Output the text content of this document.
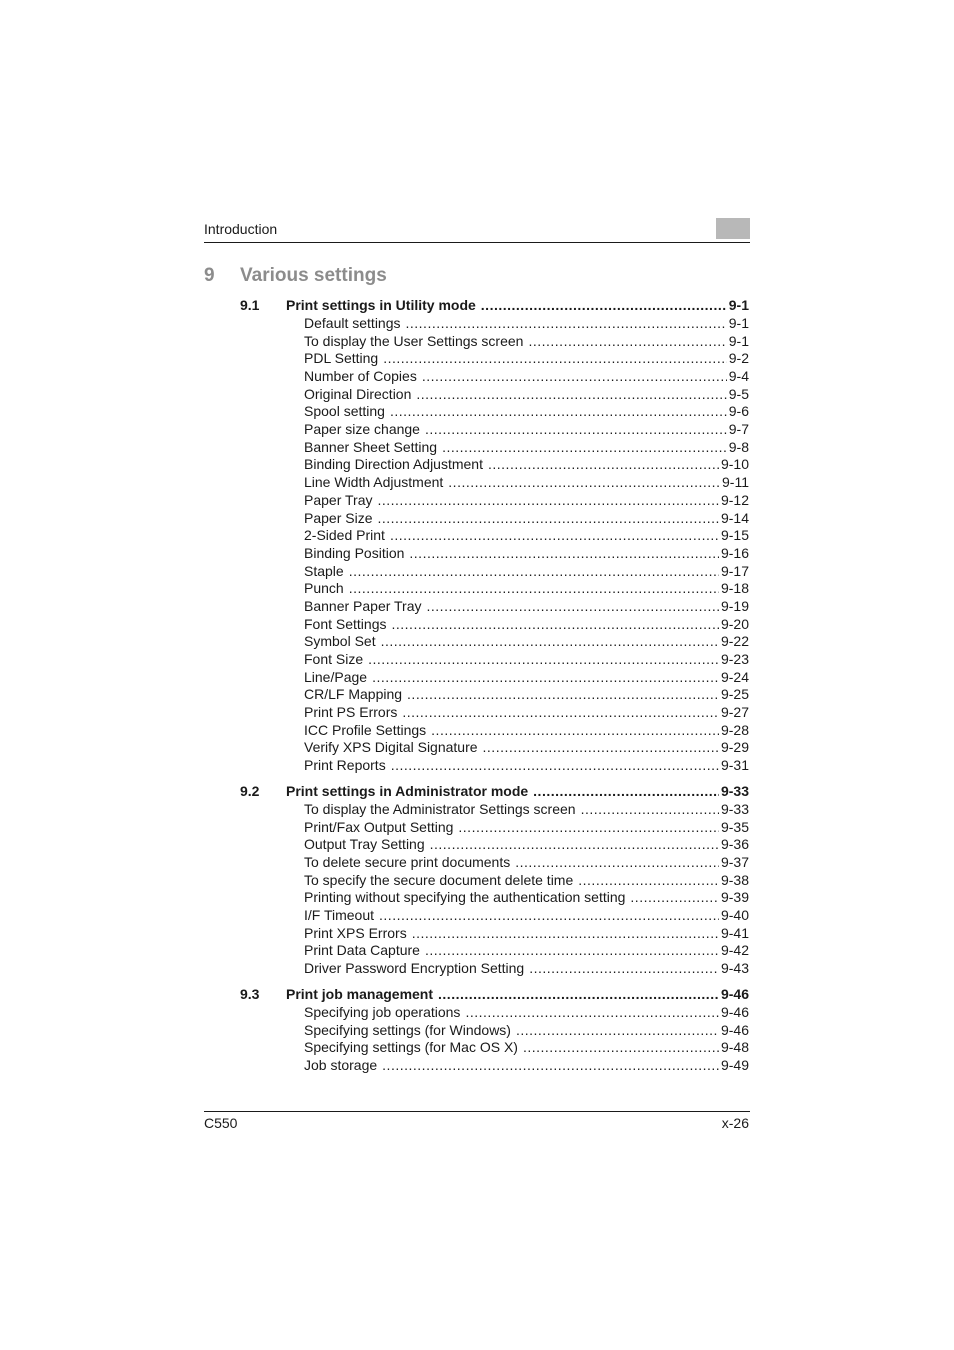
Introduction
9 Various settings
9.1	Print settings in Utility mode .....	9-1
Default settings .....	9-1
To display the User Settings screen .....	9-1
PDL Setting .....	9-2
Number of Copies .....	9-4
Original Direction .....	9-5
Spool setting .....	9-6
Paper size change .....	9-7
Banner Sheet Setting .....	9-8
Binding Direction Adjustment .....	9-10
Line Width Adjustment .....	9-11
Paper Tray .....	9-12
Paper Size .....	9-14
2-Sided Print .....	9-15
Binding Position .....	9-16
Staple .....	9-17
Punch .....	9-18
Banner Paper Tray .....	9-19
Font Settings .....	9-20
Symbol Set .....	9-22
Font Size .....	9-23
Line/Page .....	9-24
CR/LF Mapping .....	9-25
Print PS Errors .....	9-27
ICC Profile Settings .....	9-28
Verify XPS Digital Signature .....	9-29
Print Reports .....	9-31
9.2	Print settings in Administrator mode .....	9-33
To display the Administrator Settings screen .....	9-33
Print/Fax Output Setting .....	9-35
Output Tray Setting .....	9-36
To delete secure print documents .....	9-37
To specify the secure document delete time .....	9-38
Printing without specifying the authentication setting .....	9-39
I/F Timeout .....	9-40
Print XPS Errors .....	9-41
Print Data Capture .....	9-42
Driver Password Encryption Setting .....	9-43
9.3	Print job management .....	9-46
Specifying job operations .....	9-46
Specifying settings (for Windows) .....	9-46
Specifying settings (for Mac OS X) .....	9-48
Job storage .....	9-49
C550	x-26
